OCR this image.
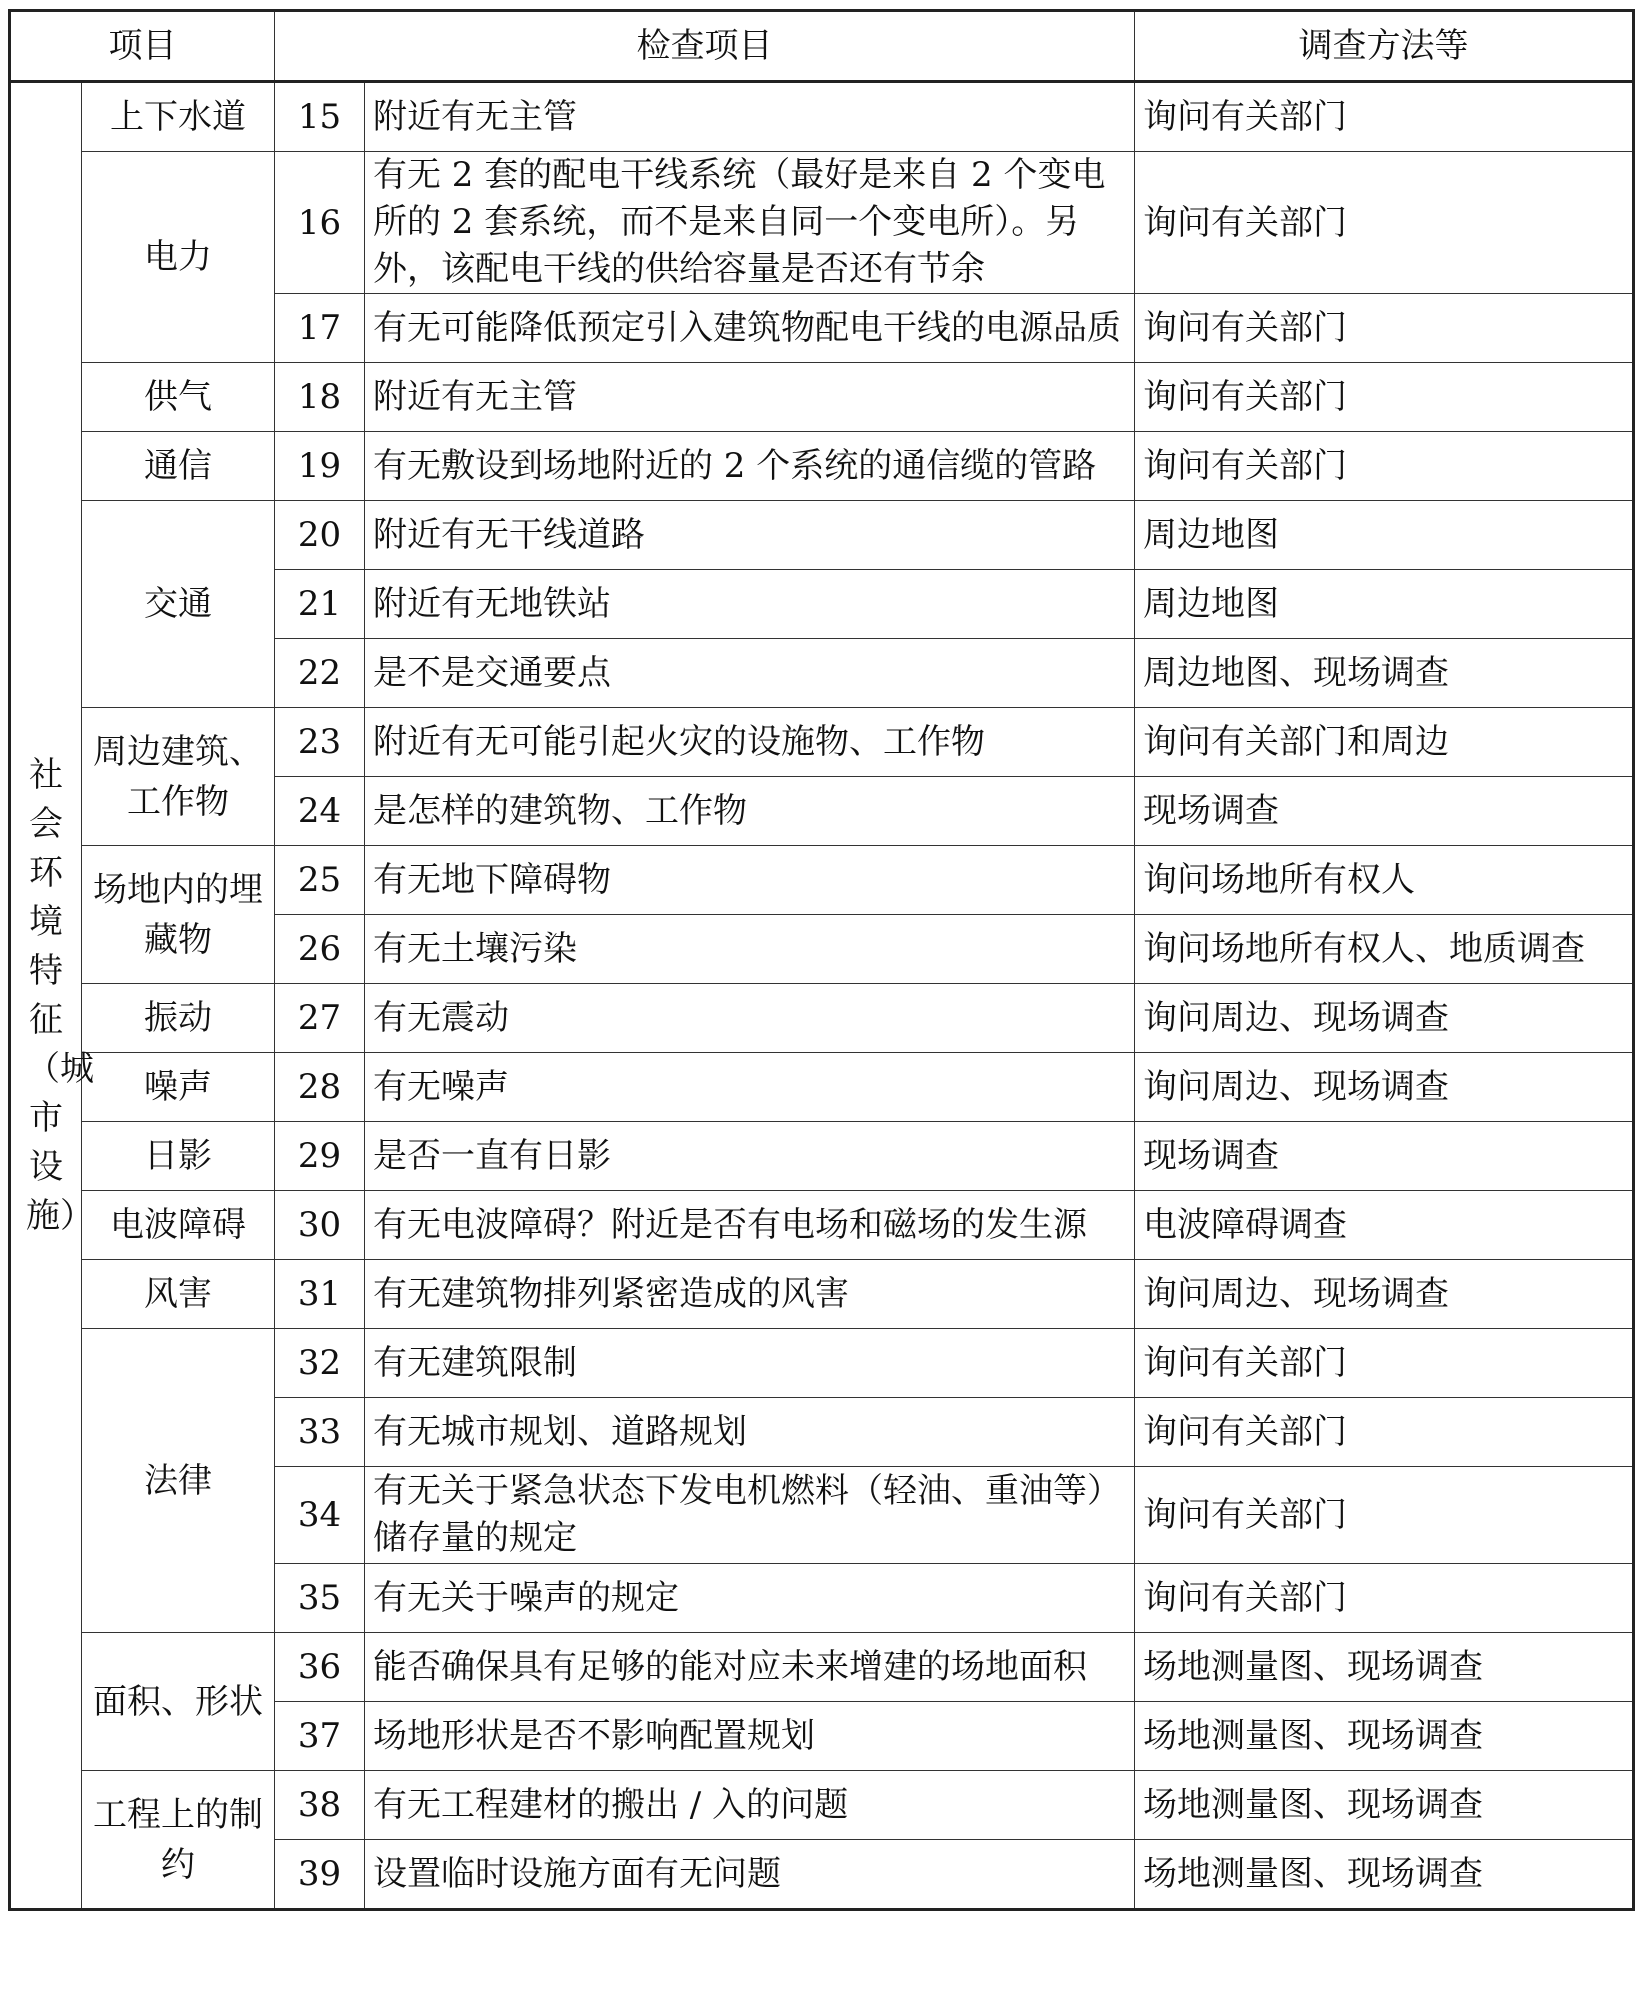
项目		检查项目		调查方法等

社会环境特征（城市设施）	上下水道	15	附近有无主管	询问有关部门
	电力	16	有无 2 套的配电干线系统（最好是来自 2 个变电所的 2 套系统，而不是来自同一个变电所）。另外，该配电干线的供给容量是否还有节余	询问有关部门
		17	有无可能降低预定引入建筑物配电干线的电源品质	询问有关部门
	供气	18	附近有无主管	询问有关部门
	通信	19	有无敷设到场地附近的 2 个系统的通信缆的管路	询问有关部门
	交通	20	附近有无干线道路	周边地图
		21	附近有无地铁站	周边地图
		22	是不是交通要点	周边地图、现场调查
	周边建筑、工作物	23	附近有无可能引起火灾的设施物、工作物	询问有关部门和周边
		24	是怎样的建筑物、工作物	现场调查
	场地内的埋藏物	25	有无地下障碍物	询问场地所有权人
		26	有无土壤污染	询问场地所有权人、地质调查
	振动	27	有无震动	询问周边、现场调查
	噪声	28	有无噪声	询问周边、现场调查
	日影	29	是否一直有日影	现场调查
	电波障碍	30	有无电波障碍？附近是否有电场和磁场的发生源	电波障碍调查
	风害	31	有无建筑物排列紧密造成的风害	询问周边、现场调查
	法律	32	有无建筑限制	询问有关部门
		33	有无城市规划、道路规划	询问有关部门
		34	有无关于紧急状态下发电机燃料（轻油、重油等）储存量的规定	询问有关部门
		35	有无关于噪声的规定	询问有关部门
	面积、形状	36	能否确保具有足够的能对应未来增建的场地面积	场地测量图、现场调查
		37	场地形状是否不影响配置规划	场地测量图、现场调查
	工程上的制约	38	有无工程建材的搬出 / 入的问题	场地测量图、现场调查
		39	设置临时设施方面有无问题	场地测量图、现场调查
